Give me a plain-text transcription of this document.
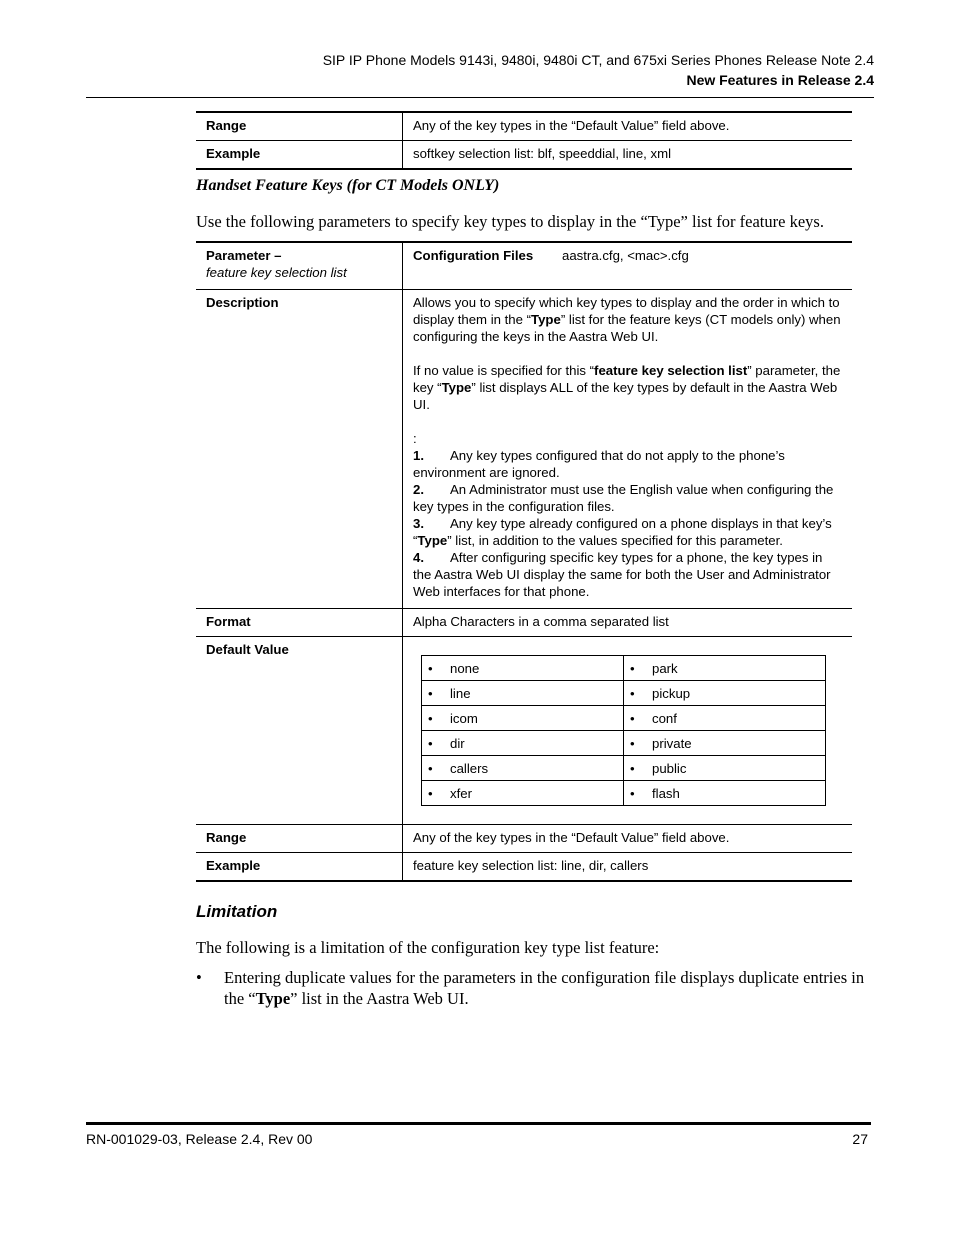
SIP IP Phone Models 9143i, 9480i, 9480i CT, and 675xi Series Phones Release Note 2.4
New Features in Release 2.4
Range	Any of the key types in the “Default Value” field above.
Example	softkey selection list: blf, speeddial, line, xml
Handset Feature Keys (for CT Models ONLY)
Use the following parameters to specify key types to display in the “Type” list for feature keys.
Parameter –
feature key selection list	Configuration Files aastra.cfg, <mac>.cfg
Description	Allows you to specify which key types to display and the order in which to display them in the “Type” list for the feature keys (CT models only) when configuring the keys in the Aastra Web UI.

If no value is specified for this “feature key selection list” parameter, the key “Type” list displays ALL of the key types by default in the Aastra Web UI.

:

1. Any key types configured that do not apply to the phone’s environment are ignored.

2. An Administrator must use the English value when configuring the key types in the configuration files.

3. Any key type already configured on a phone displays in that key’s “Type” list, in addition to the values specified for this parameter.

4. After configuring specific key types for a phone, the key types in the Aastra Web UI display the same for both the User and Administrator Web interfaces for that phone.

Format	Alpha Characters in a comma separated list
Default Value	
• none	• park
• line	• pickup
• icom	• conf
• dir	• private
• callers	• public
• xfer	• flash

Range	Any of the key types in the “Default Value” field above.
Example	feature key selection list: line, dir, callers
Limitation
The following is a limitation of the configuration key type list feature:
• Entering duplicate values for the parameters in the configuration file displays duplicate entries in the “Type” list in the Aastra Web UI.
RN-001029-03, Release 2.4, Rev 00	27
